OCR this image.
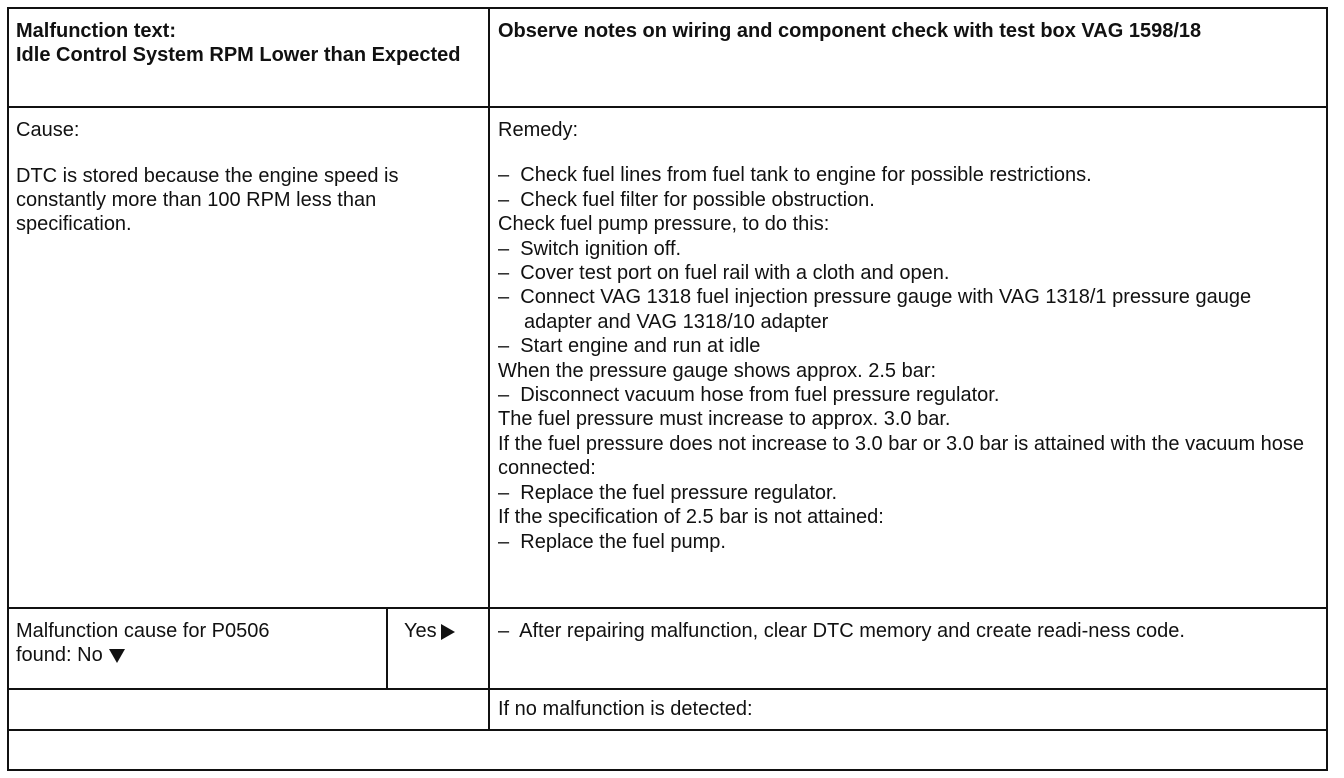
Malfunction text:

Idle Control System RPM Lower than Expected

Observe notes on wiring and component check with test box VAG 1598/18

Cause:

DTC is stored because the engine speed is constantly more than 100 RPM less than specification.

Remedy:

– Check fuel lines from fuel tank to engine for possible restrictions.

– Check fuel filter for possible obstruction.

Check fuel pump pressure, to do this:

– Switch ignition off.

– Cover test port on fuel rail with a cloth and open.

– Connect VAG 1318 fuel injection pressure gauge with VAG 1318/1 pressure gauge adapter and VAG 1318/10 adapter

– Start engine and run at idle

When the pressure gauge shows approx. 2.5 bar:

– Disconnect vacuum hose from fuel pressure regulator.

The fuel pressure must increase to approx. 3.0 bar.

If the fuel pressure does not increase to 3.0 bar or 3.0 bar is attained with the vacuum hose connected:

– Replace the fuel pressure regulator.

If the specification of 2.5 bar is not attained:

– Replace the fuel pump.

Malfunction cause for P0506

found: No

Yes	– After repairing malfunction, clear DTC memory and create readi-ness code.

If no malfunction is detected:
